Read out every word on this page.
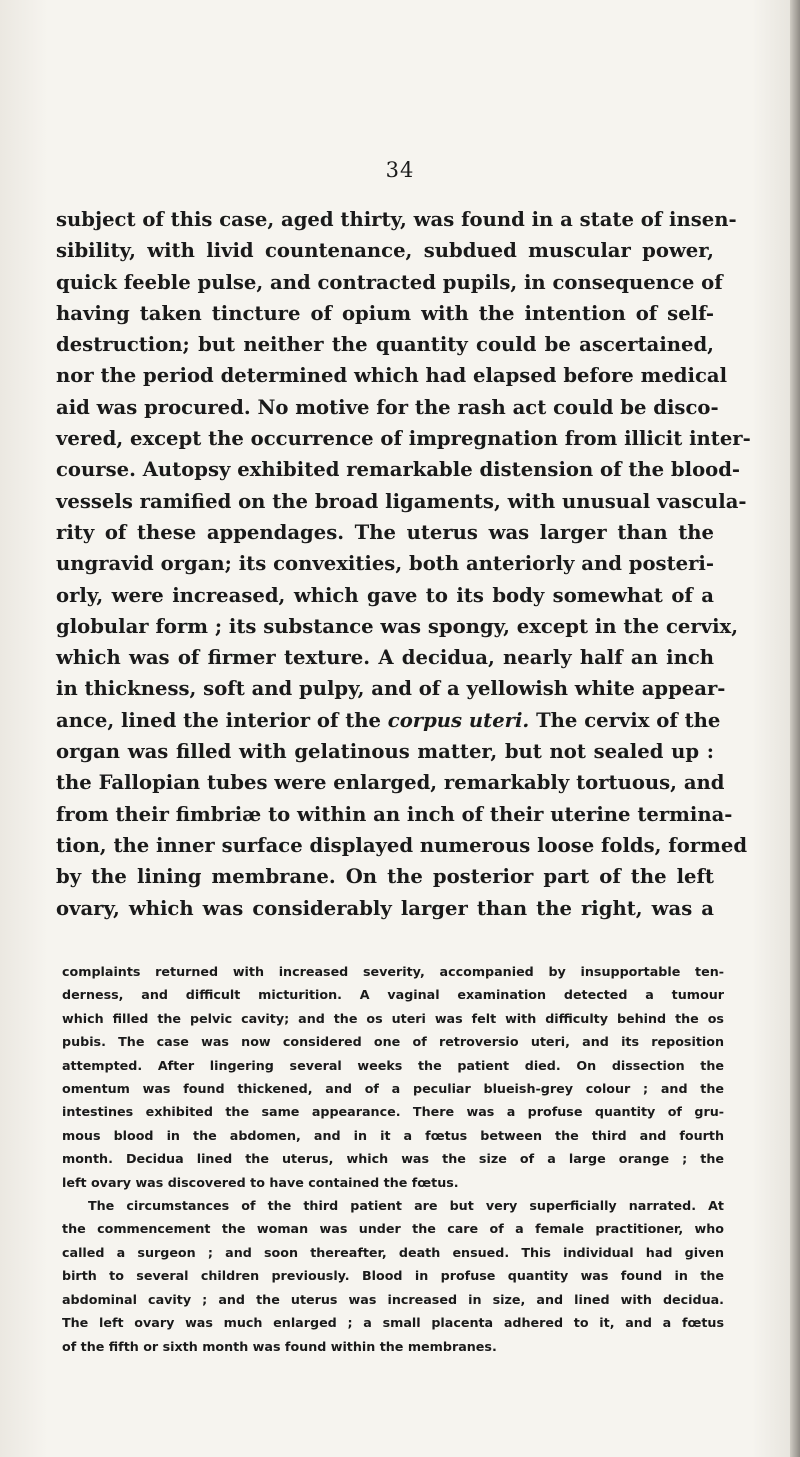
34
subject of this case, aged thirty, was found in a state of insen-
sibility, with livid countenance, subdued muscular power,
quick feeble pulse, and contracted pupils, in consequence of
having taken tincture of opium with the intention of self-
destruction; but neither the quantity could be ascertained,
nor the period determined which had elapsed before medical
aid was procured. No motive for the rash act could be disco-
vered, except the occurrence of impregnation from illicit inter-
course. Autopsy exhibited remarkable distension of the blood-
vessels ramified on the broad ligaments, with unusual vascula-
rity of these appendages. The uterus was larger than the
ungravid organ; its convexities, both anteriorly and posteri-
orly, were increased, which gave to its body somewhat of a
globular form ; its substance was spongy, except in the cervix,
which was of firmer texture. A decidua, nearly half an inch
in thickness, soft and pulpy, and of a yellowish white appear-
ance, lined the interior of the corpus uteri. The cervix of the
organ was filled with gelatinous matter, but not sealed up :
the Fallopian tubes were enlarged, remarkably tortuous, and
from their fimbriæ to within an inch of their uterine termina-
tion, the inner surface displayed numerous loose folds, formed
by the lining membrane. On the posterior part of the left
ovary, which was considerably larger than the right, was a
complaints returned with increased severity, accompanied by insupportable ten-
derness, and difficult micturition. A vaginal examination detected a tumour
which filled the pelvic cavity; and the os uteri was felt with difficulty behind the os
pubis. The case was now considered one of retroversio uteri, and its reposition
attempted. After lingering several weeks the patient died. On dissection the
omentum was found thickened, and of a peculiar blueish-grey colour ; and the
intestines exhibited the same appearance. There was a profuse quantity of gru-
mous blood in the abdomen, and in it a fœtus between the third and fourth
month. Decidua lined the uterus, which was the size of a large orange ; the
left ovary was discovered to have contained the fœtus.
The circumstances of the third patient are but very superficially narrated. At
the commencement the woman was under the care of a female practitioner, who
called a surgeon ; and soon thereafter, death ensued. This individual had given
birth to several children previously. Blood in profuse quantity was found in the
abdominal cavity ; and the uterus was increased in size, and lined with decidua.
The left ovary was much enlarged ; a small placenta adhered to it, and a fœtus
of the fifth or sixth month was found within the membranes.
